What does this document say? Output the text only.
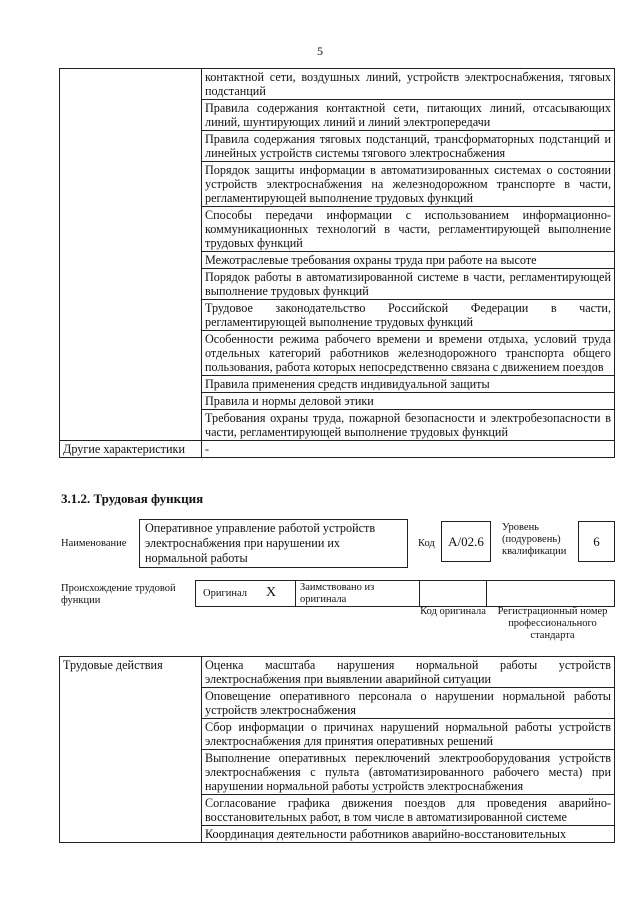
5
	контактной сети, воздушных линий, устройств электроснабжения, тяговых подстанций
	Правила содержания контактной сети, питающих линий, отсасывающих линий, шунтирующих линий и линий электропередачи
	Правила содержания тяговых подстанций, трансформаторных подстанций и линейных устройств системы тягового электроснабжения
	Порядок защиты информации в автоматизированных системах о состоянии устройств электроснабжения на железнодорожном транспорте в части, регламентирующей выполнение трудовых функций
	Способы передачи информации с использованием информационно-коммуникационных технологий в части, регламентирующей выполнение трудовых функций
	Межотраслевые требования охраны труда при работе на высоте
	Порядок работы в автоматизированной системе в части, регламентирующей выполнение трудовых функций
	Трудовое законодательство Российской Федерации в части, регламентирующей выполнение трудовых функций
	Особенности режима рабочего времени и времени отдыха, условий труда отдельных категорий работников железнодорожного транспорта общего пользования, работа которых непосредственно связана с движением поездов
	Правила применения средств индивидуальной защиты
	Правила и нормы деловой этики
	Требования охраны труда, пожарной безопасности и электробезопасности в части, регламентирующей выполнение трудовых функций
Другие характеристики	-
3.1.2. Трудовая функция
Наименование
Оперативное управление работой устройств электроснабжения при нарушении их нормальной работы
Код	A/02.6
Уровень (подуровень) квалификации
6
Происхождение трудовой функции
Оригинал X Заимствовано из оригинала
Код оригинала	Регистрационный номер профессионального стандарта
Трудовые действия	Оценка масштаба нарушения нормальной работы устройств электроснабжения при выявлении аварийной ситуации
Оповещение оперативного персонала о нарушении нормальной работы устройств электроснабжения
Сбор информации о причинах нарушений нормальной работы устройств электроснабжения для принятия оперативных решений
Выполнение оперативных переключений электрооборудования устройств электроснабжения с пульта (автоматизированного рабочего места) при нарушении нормальной работы устройств электроснабжения
Согласование графика движения поездов для проведения аварийно-восстановительных работ, в том числе в автоматизированной системе
Координация деятельности работников аварийно-восстановительных
